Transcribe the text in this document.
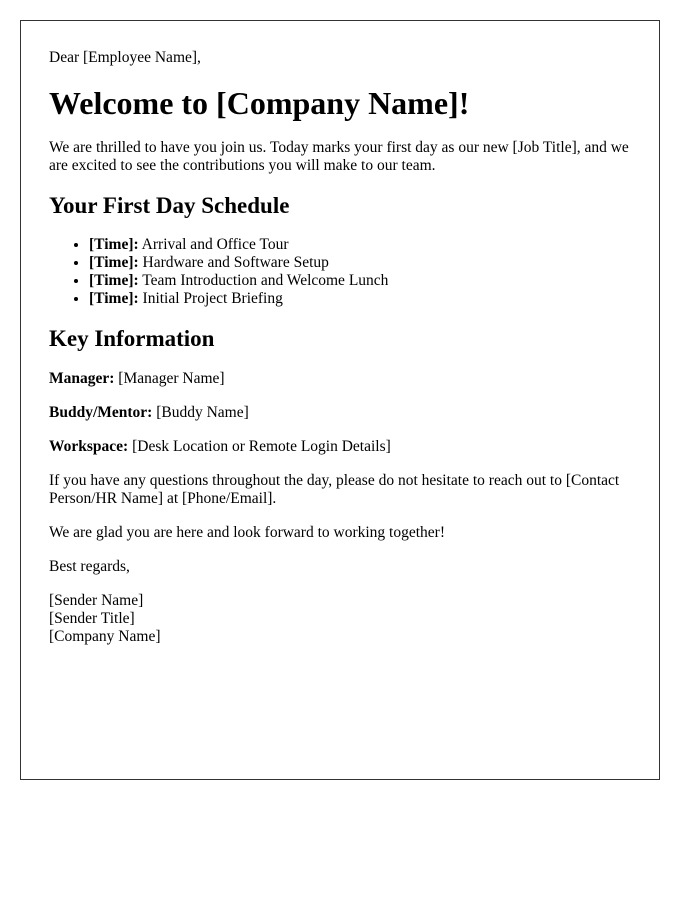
Dear [Employee Name],

Welcome to [Company Name]!

We are thrilled to have you join us. Today marks your first day as our new [Job Title], and we are excited to see the contributions you will make to our team.

Your First Day Schedule
• [Time]: Arrival and Office Tour
• [Time]: Hardware and Software Setup
• [Time]: Team Introduction and Welcome Lunch
• [Time]: Initial Project Briefing
Key Information

Manager: [Manager Name]

Buddy/Mentor: [Buddy Name]

Workspace: [Desk Location or Remote Login Details]

If you have any questions throughout the day, please do not hesitate to reach out to [Contact Person/HR Name] at [Phone/Email].

We are glad you are here and look forward to working together!

Best regards,

[Sender Name]
[Sender Title]
[Company Name]
